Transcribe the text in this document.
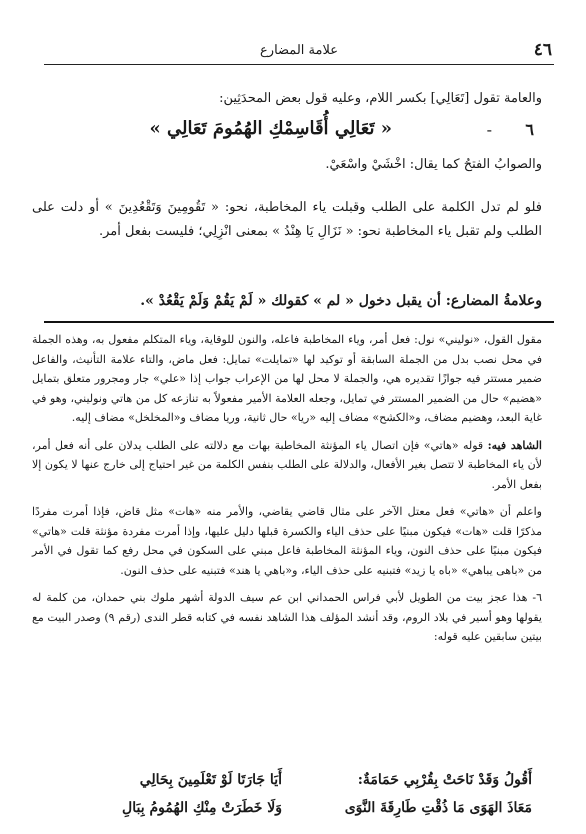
٤٦
علامة المضارع
والعامة تقول [تَعَالِي] بكسر اللام، وعليه قول بعض المحدَثِين:
٦
-
« تَعَالِي أُقَاسِمْكِ الهُمُومَ تَعَالِي »
والصوابُ الفتحُ كما يقال: اخْشَيْ واسْعَيْ.
فلو لم تدل الكلمة على الطلب وقبلت ياء المخاطبة، نحو: « تَقُومِينَ وَتَقْعُدِينَ » أو دلت على الطلب ولم تقبل ياء المخاطبة نحو: « نَزَالِ يَا هِنْدُ » بمعنى انْزِلِي؛ فليست بفعل أمر.
وعلامةُ المضارع: أن يقبل دخول « لم » كقولك « لَمْ يَقُمْ وَلَمْ يَقْعُدْ ».

مقول القول، «نوليني» نول: فعل أمر، وياء المخاطبة فاعله، والنون للوقاية، وياء المتكلم مفعول به، وهذه الجملة في محل نصب بدل من الجملة السابقة أو توكيد لها «تمايلت» تمايل: فعل ماض، والتاء علامة التأنيث، والفاعل ضمير مستتر فيه جوازًا تقديره هي، والجملة لا محل لها من الإعراب جواب إذا «علي» جار ومجرور متعلق بتمايل «هضيم» حال من الضمير المستتر في تمايل، وجعله العلامة الأمير مفعولاً به تنازعه كل من هاتي ونوليني، وهو في غاية البعد، وهضيم مضاف، و«الكشح» مضاف إليه «ريا» حال ثانية، وريا مضاف و«المخلخل» مضاف إليه.

الشاهد فيه: قوله «هاتي» فإن اتصال ياء المؤنثة المخاطبة بهات مع دلالته على الطلب يدلان على أنه فعل أمر، لأن ياء المخاطبة لا تتصل بغير الأفعال، والدلالة على الطلب بنفس الكلمة من غير احتياج إلى خارج عنها لا يكون إلا بفعل الأمر.

واعلم أن «هاتي» فعل معتل الآخر على مثال قاضي يقاضي، والأمر منه «هات» مثل قاض، فإذا أمرت مفردًا مذكرًا قلت «هات» فيكون مبنيًا على حذف الياء والكسرة قبلها دليل عليها، وإذا أمرت مفردة مؤنثة قلت «هاتي» فيكون مبنيًا على حذف النون، وياء المؤنثة المخاطبة فاعل مبني على السكون في محل رفع كما تقول في الأمر من «باهى يباهي» «باه يا زيد» فتبنيه على حذف الياء، و«باهي يا هند» فتبنيه على حذف النون.

٦- هذا عجز بيت من الطويل لأبي فراس الحمداني ابن عم سيف الدولة أشهر ملوك بني حمدان، من كلمة له يقولها وهو أسير في بلاد الروم، وقد أنشد المؤلف هذا الشاهد نفسه في كتابه قطر الندى (رقم ٩) وصدر البيت مع بيتين سابقين عليه قوله:

أَقُولُ وَقَدْ نَاحَتْ بِقُرْبِي حَمَامَةٌ:
مَعَاذَ الهَوَى مَا ذُقْتِ طَارِقَةَ النَّوَى
أَيَا جَارَتَا لَوْ تَعْلَمِينَ بِحَالِي
وَلَا خَطَرَتْ مِنْكِ الهُمُومُ بِبَالِ
